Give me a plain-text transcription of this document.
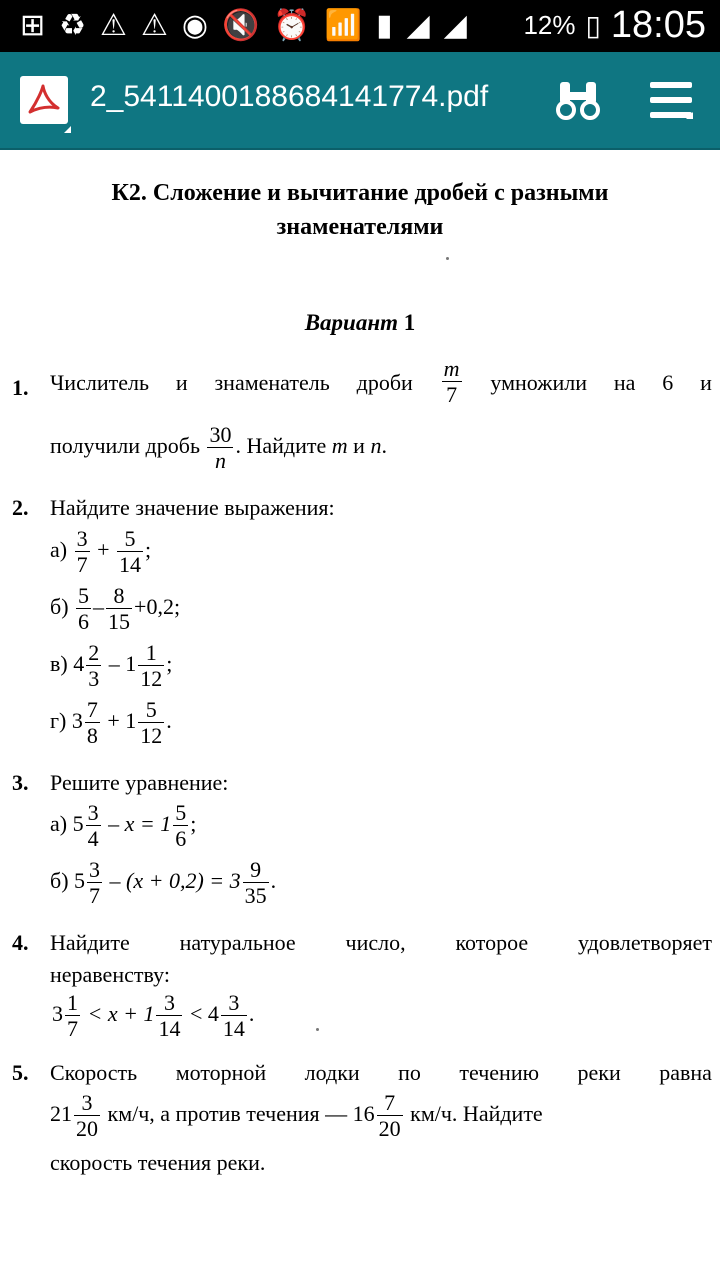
⊞ ♻ ⚠ ⚠ ◉ 🔇 ⏰ 📶 ▮ ◢ ◢ 12% ▯ 18:05
2_5411400188684141774.pdf
К2. Сложение и вычитание дробей с разными
знаменателями
Вариант 1
1. Числитель и знаменатель дроби $\frac{m}{7}$ умножили на 6 и
получили дробь $\frac{30}{n}$ . Найдите m и n.
2. Найдите значение выражения:
$а) \frac{3}{7} + \frac{5}{14}$ ;
$б) \frac{5}{6} - \frac{8}{15} +0,2$;
в) $4 \frac{2}{3} - 1 \frac{1}{12}$ ;
г) $3 \frac{7}{8} + 1 \frac{5}{12}$ .
3. Решите уравнение:
а) $5 \frac{3}{4} - x = 1 \frac{5}{6}$ ;
б) $5 \frac{3}{7} - (x + 0,2) = 3 \frac{9}{35}$ .
4. Найдите натуральное число, которое удовлетворяет
неравенству:
$3 \frac{1}{7} < x + 1 \frac{3}{14} < 4 \frac{3}{14}$ .
5. Скорость моторной лодки по течению реки равна
$21 \frac{3}{20} км/ч$, а против течения — $16 \frac{7}{20} км/ч$. Найдите
скорость течения реки.
